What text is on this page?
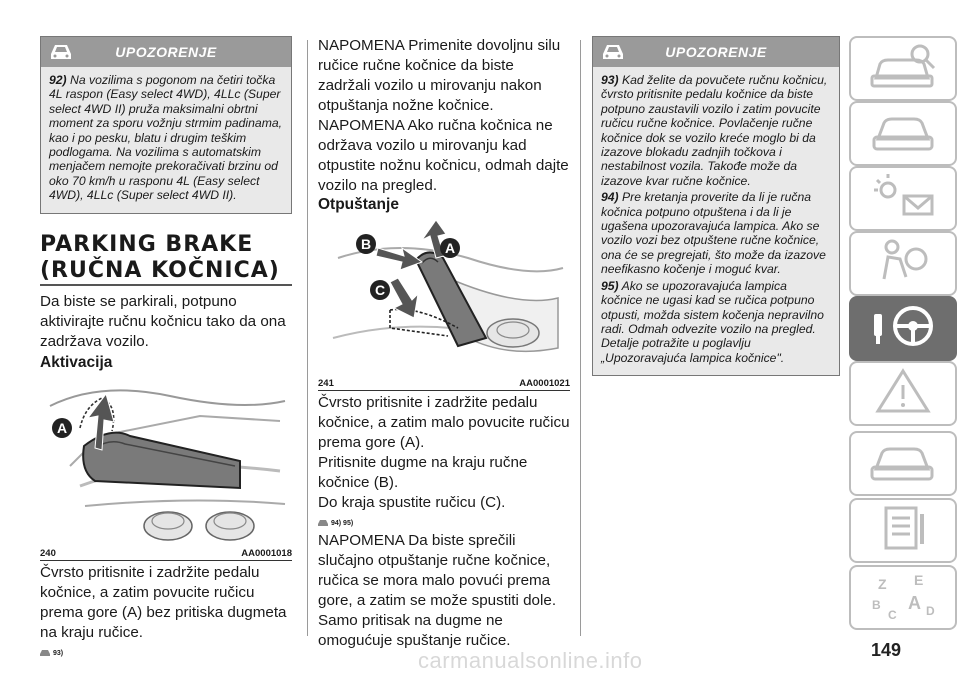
UPOZORENJE

92) Na vozilima s pogonom na četiri točka 4L raspon (Easy select 4WD), 4LLc (Super select 4WD II) pruža maksimalni obrtni moment za sporu vožnju strmim padinama, kao i po pesku, blatu i drugim teškim podlogama. Na vozilima s automatskim menjačem nemojte prekoračivati brzinu od oko 70 km/h u rasponu 4L (Easy select 4WD), 4LLc (Super select 4WD II).

PARKING BRAKE
(RUČNA KOČNICA)

Da biste se parkirali, potpuno aktivirajte ručnu kočnicu tako da ona zadržava vozilo.

Aktivacija

A
240	AA0001018

Čvrsto pritisnite i zadržite pedalu kočnice, a zatim povucite ručicu prema gore (A) bez pritiska dugmeta na kraju ručice.

93)

NAPOMENA Primenite dovoljnu silu ručice ručne kočnice da biste zadržali vozilo u mirovanju nakon otpuštanja nožne kočnice.

NAPOMENA Ako ručna kočnica ne održava vozilo u mirovanju kad otpustite nožnu kočnicu, odmah dajte vozilo na pregled.

Otpuštanje

B	A
C
241	AA0001021

Čvrsto pritisnite i zadržite pedalu kočnice, a zatim malo povucite ručicu prema gore (A).

Pritisnite dugme na kraju ručne kočnice (B).

Do kraja spustite ručicu (C).

94) 95)

NAPOMENA Da biste sprečili slučajno otpuštanje ručne kočnice, ručica se mora malo povući prema gore, a zatim se može spustiti dole. Samo pritisak na dugme ne omogućuje spuštanje ručice.

UPOZORENJE

93) Kad želite da povučete ručnu kočnicu, čvrsto pritisnite pedalu kočnice da biste potpuno zaustavili vozilo i zatim povucite ručicu ručne kočnice. Povlačenje ručne kočnice dok se vozilo kreće moglo bi da izazove blokadu zadnjih točkova i nestabilnost vozila. Takođe može da izazove kvar ručne kočnice.

94) Pre kretanja proverite da li je ručna kočnica potpuno otpuštena i da li je ugašena upozoravajuća lampica. Ako se vozilo vozi bez otpuštene ručne kočnice, ona će se pregrejati, što može da izazove neefikasno kočenje i moguć kvar.

95) Ako se upozoravajuća lampica kočnice ne ugasi kad se ručica potpuno otpusti, možda sistem kočenja nepravilno radi. Odmah odvezite vozilo na pregled. Detalje potražite u poglavlju „Upozoravajuća lampica kočnice".

Z E
B A
C D
149
carmanualsonline.info
